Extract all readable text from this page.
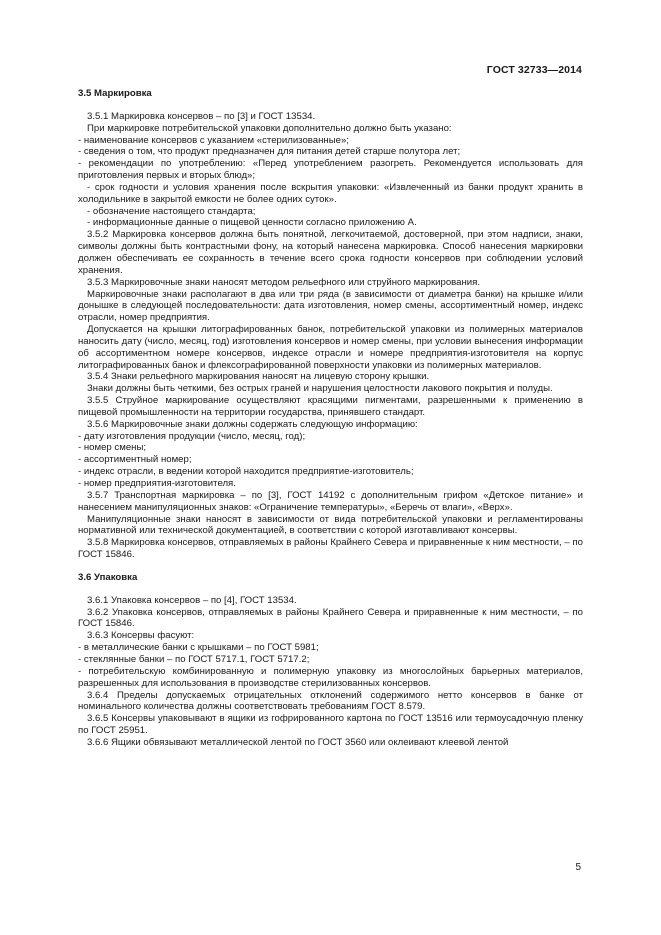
ГОСТ 32733—2014
3.5 Маркировка

3.5.1 Маркировка консервов – по [3] и ГОСТ 13534.

При маркировке потребительской упаковки дополнительно должно быть указано:

- наименование консервов с указанием «стерилизованные»;

- сведения о том, что продукт предназначен для питания детей старше полутора лет;

- рекомендации по употреблению: «Перед употреблением разогреть. Рекомендуется использовать для приготовления первых и вторых блюд»;

- срок годности и условия хранения после вскрытия упаковки: «Извлеченный из банки продукт хранить в холодильнике в закрытой емкости не более одних суток».

- обозначение настоящего стандарта;

- информационные данные о пищевой ценности согласно приложению А.

3.5.2 Маркировка консервов должна быть понятной, легкочитаемой, достоверной, при этом надписи, знаки, символы должны быть контрастными фону, на который нанесена маркировка. Способ нанесения маркировки должен обеспечивать ее сохранность в течение всего срока годности консервов при соблюдении условий хранения.

3.5.3 Маркировочные знаки наносят методом рельефного или струйного маркирования.

Маркировочные знаки располагают в два или три ряда (в зависимости от диаметра банки) на крышке и/или донышке в следующей последовательности: дата изготовления, номер смены, ассортиментный номер, индекс отрасли, номер предприятия.

Допускается на крышки литографированных банок, потребительской упаковки из полимерных материалов наносить дату (число, месяц, год) изготовления консервов и номер смены, при условии вынесения информации об ассортиментном номере консервов, индексе отрасли и номере предприятия-изготовителя на корпус литографированных банок и флексографированной поверхности упаковки из полимерных материалов.

3.5.4 Знаки рельефного маркирования наносят на лицевую сторону крышки.

Знаки должны быть четкими, без острых граней и нарушения целостности лакового покрытия и полуды.

3.5.5 Струйное маркирование осуществляют красящими пигментами, разрешенными к применению в пищевой промышленности на территории государства, принявшего стандарт.

3.5.6 Маркировочные знаки должны содержать следующую информацию:

- дату изготовления продукции (число, месяц, год);

- номер смены;

- ассортиментный номер;

- индекс отрасли, в ведении которой находится предприятие-изготовитель;

- номер предприятия-изготовителя.

3.5.7 Транспортная маркировка – по [3], ГОСТ 14192 с дополнительным грифом «Детское питание» и нанесением манипуляционных знаков: «Ограничение температуры», «Беречь от влаги», «Верх».

Манипуляционные знаки наносят в зависимости от вида потребительской упаковки и регламентированы нормативной или технической документацией, в соответствии с которой изготавливают консервы.

3.5.8 Маркировка консервов, отправляемых в районы Крайнего Севера и приравненные к ним местности, – по ГОСТ 15846.

3.6 Упаковка

3.6.1 Упаковка консервов – по [4], ГОСТ 13534.

3.6.2 Упаковка консервов, отправляемых в районы Крайнего Севера и приравненные к ним местности, – по ГОСТ 15846.

3.6.3 Консервы фасуют:

- в металлические банки с крышками – по ГОСТ 5981;

- стеклянные банки – по ГОСТ 5717.1, ГОСТ 5717.2;

- потребительскую комбинированную и полимерную упаковку из многослойных барьерных материалов, разрешенных для использования в производстве стерилизованных консервов.

3.6.4 Пределы допускаемых отрицательных отклонений содержимого нетто консервов в банке от номинального количества должны соответствовать требованиям ГОСТ 8.579.

3.6.5 Консервы упаковывают в ящики из гофрированного картона по ГОСТ 13516 или термоусадочную пленку по ГОСТ 25951.

3.6.6 Ящики обвязывают металлической лентой по ГОСТ 3560 или оклеивают клеевой лентой

5
